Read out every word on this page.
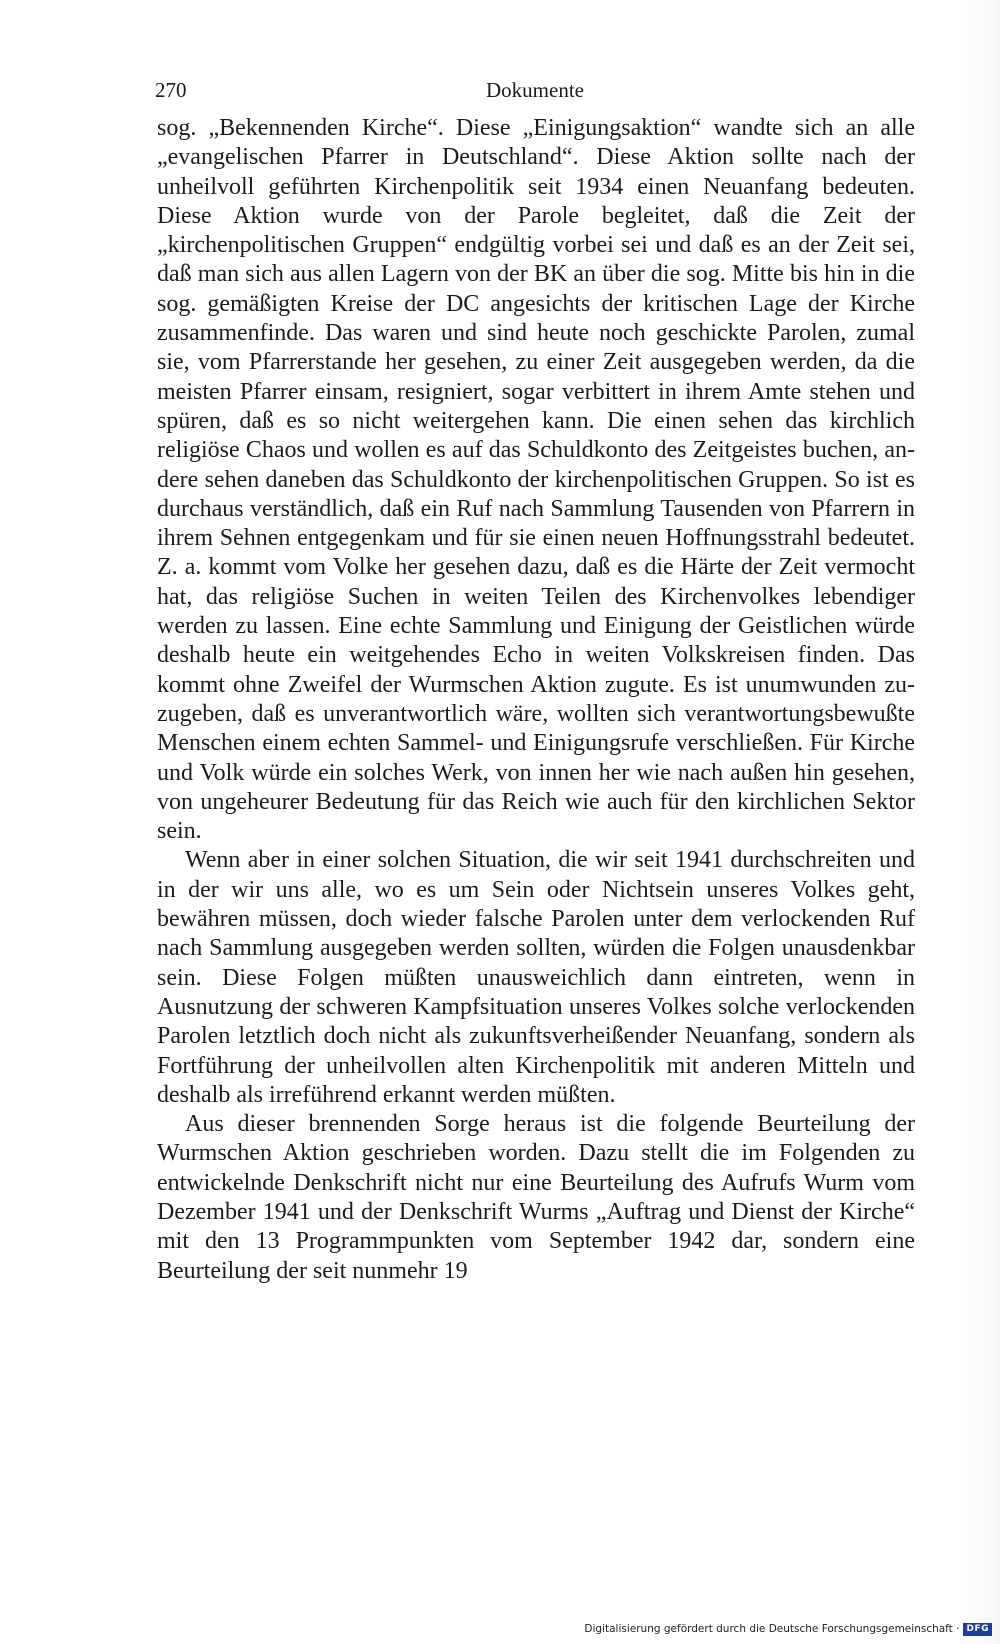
270	Dokumente

sog. „Bekennenden Kirche“. Diese „Einigungsaktion“ wandte sich an alle „evangelischen Pfarrer in Deutschland“. Diese Aktion sollte nach der unheilvoll geführten Kirchenpolitik seit 1934 einen Neuanfang bedeuten. Diese Aktion wurde von der Parole begleitet, daß die Zeit der „kirchenpolitischen Gruppen“ endgültig vorbei sei und daß es an der Zeit sei, daß man sich aus allen Lagern von der BK an über die sog. Mitte bis hin in die sog. gemäßigten Kreise der DC angesichts der kritischen Lage der Kirche zusammenfinde. Das waren und sind heute noch geschickte Parolen, zumal sie, vom Pfarrerstande her gesehen, zu einer Zeit ausgegeben werden, da die meisten Pfarrer einsam, resigniert, sogar verbittert in ihrem Amte stehen und spüren, daß es so nicht weitergehen kann. Die einen sehen das kirchlich religiöse Chaos und wollen es auf das Schuldkonto des Zeitgeistes buchen, andere sehen daneben das Schuldkonto der kirchenpolitischen Gruppen. So ist es durchaus verständlich, daß ein Ruf nach Sammlung Tausenden von Pfarrern in ihrem Sehnen entgegenkam und für sie einen neuen Hoffnungsstrahl bedeutet. Z. a. kommt vom Volke her gesehen dazu, daß es die Härte der Zeit vermocht hat, das religiöse Suchen in weiten Teilen des Kirchenvolkes lebendiger werden zu lassen. Eine echte Sammlung und Einigung der Geistlichen würde deshalb heute ein weitgehendes Echo in weiten Volkskreisen finden. Das kommt ohne Zweifel der Wurmschen Aktion zugute. Es ist unumwunden zuzugeben, daß es unverantwortlich wäre, wollten sich verantwortungsbewußte Menschen einem echten Sammel- und Einigungsrufe verschließen. Für Kirche und Volk würde ein solches Werk, von innen her wie nach außen hin gesehen, von ungeheurer Bedeutung für das Reich wie auch für den kirchlichen Sektor sein.

Wenn aber in einer solchen Situation, die wir seit 1941 durchschreiten und in der wir uns alle, wo es um Sein oder Nichtsein unseres Volkes geht, bewähren müssen, doch wieder falsche Parolen unter dem verlockenden Ruf nach Sammlung ausgegeben werden sollten, würden die Folgen unausdenkbar sein. Diese Folgen müßten unausweichlich dann eintreten, wenn in Ausnutzung der schweren Kampfsituation unseres Volkes solche verlockenden Parolen letztlich doch nicht als zukunftsverheißender Neuanfang, sondern als Fortführung der unheilvollen alten Kirchenpolitik mit anderen Mitteln und deshalb als irreführend erkannt werden müßten.

Aus dieser brennenden Sorge heraus ist die folgende Beurteilung der Wurmschen Aktion geschrieben worden. Dazu stellt die im Folgenden zu entwickelnde Denkschrift nicht nur eine Beurteilung des Aufrufs Wurm vom Dezember 1941 und der Denkschrift Wurms „Auftrag und Dienst der Kirche“ mit den 13 Programmpunkten vom September 1942 dar, sondern eine Beurteilung der seit nunmehr 19

Digitalisierung gefördert durch die Deutsche Forschungsgemeinschaft · DFG
